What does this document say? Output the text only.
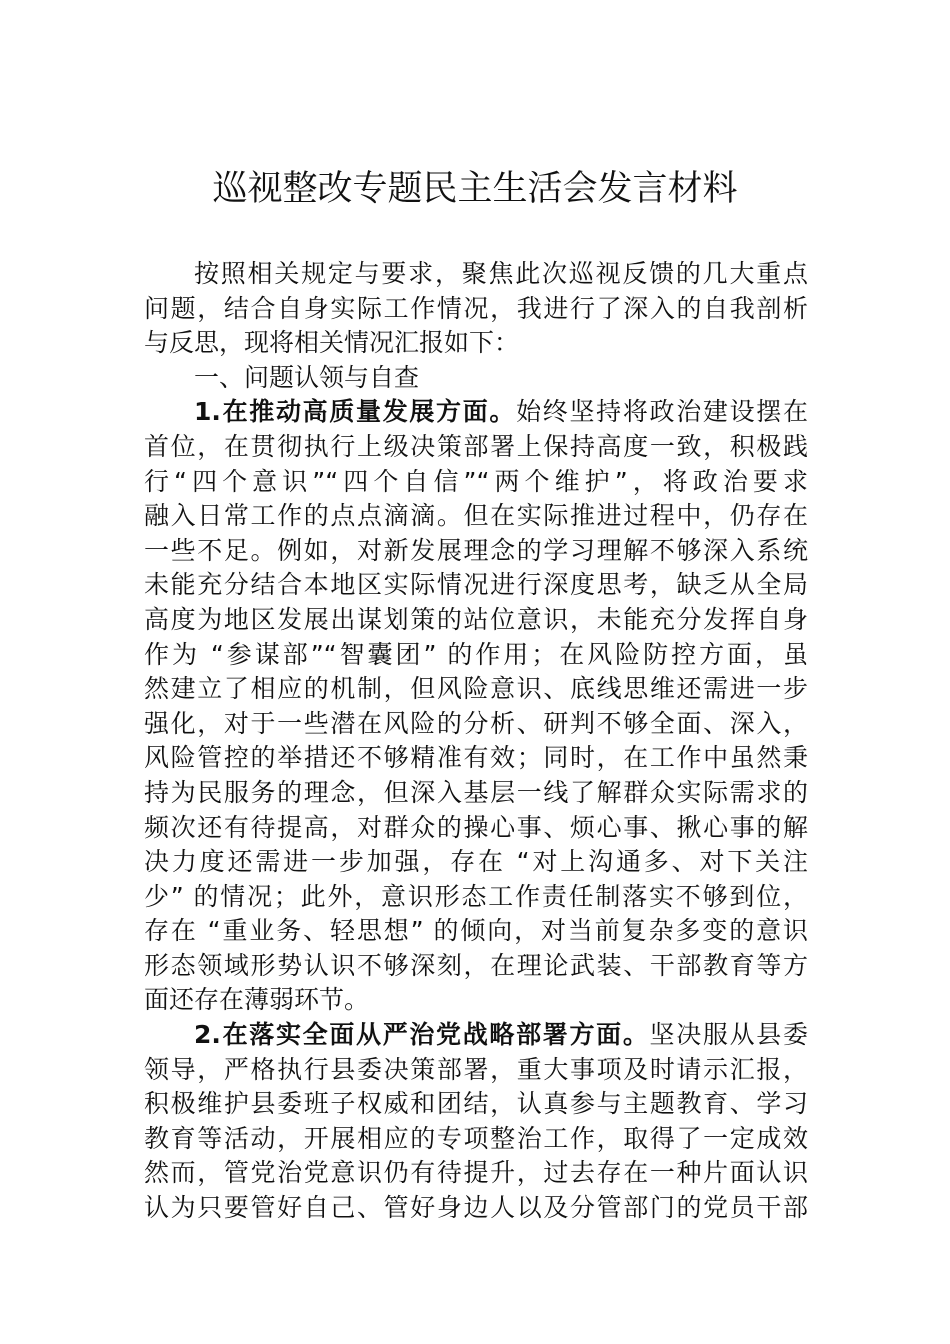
巡视整改专题民主生活会发言材料
按照相关规定与要求，聚焦此次巡视反馈的几大重点
问题，结合自身实际工作情况，我进行了深入的自我剖析
与反思，现将相关情况汇报如下：
一、问题认领与自查
1.在推动高质量发展方面。始终坚持将政治建设摆在
首位，在贯彻执行上级决策部署上保持高度一致，积极践
行“四个意识”“四个自信”“两个维护”，将政治要求
融入日常工作的点点滴滴。但在实际推进过程中，仍存在
一些不足。例如，对新发展理念的学习理解不够深入系统
未能充分结合本地区实际情况进行深度思考，缺乏从全局
高度为地区发展出谋划策的站位意识，未能充分发挥自身
作为 “参谋部”“智囊团” 的作用；在风险防控方面，虽
然建立了相应的机制，但风险意识、底线思维还需进一步
强化，对于一些潜在风险的分析、研判不够全面、深入，
风险管控的举措还不够精准有效；同时，在工作中虽然秉
持为民服务的理念，但深入基层一线了解群众实际需求的
频次还有待提高，对群众的操心事、烦心事、揪心事的解
决力度还需进一步加强，存在 “对上沟通多、对下关注
少” 的情况；此外，意识形态工作责任制落实不够到位，
存在 “重业务、轻思想” 的倾向，对当前复杂多变的意识
形态领域形势认识不够深刻，在理论武装、干部教育等方
面还存在薄弱环节。
2.在落实全面从严治党战略部署方面。坚决服从县委
领导，严格执行县委决策部署，重大事项及时请示汇报，
积极维护县委班子权威和团结，认真参与主题教育、学习
教育等活动，开展相应的专项整治工作，取得了一定成效
然而，管党治党意识仍有待提升，过去存在一种片面认识
认为只要管好自己、管好身边人以及分管部门的党员干部
